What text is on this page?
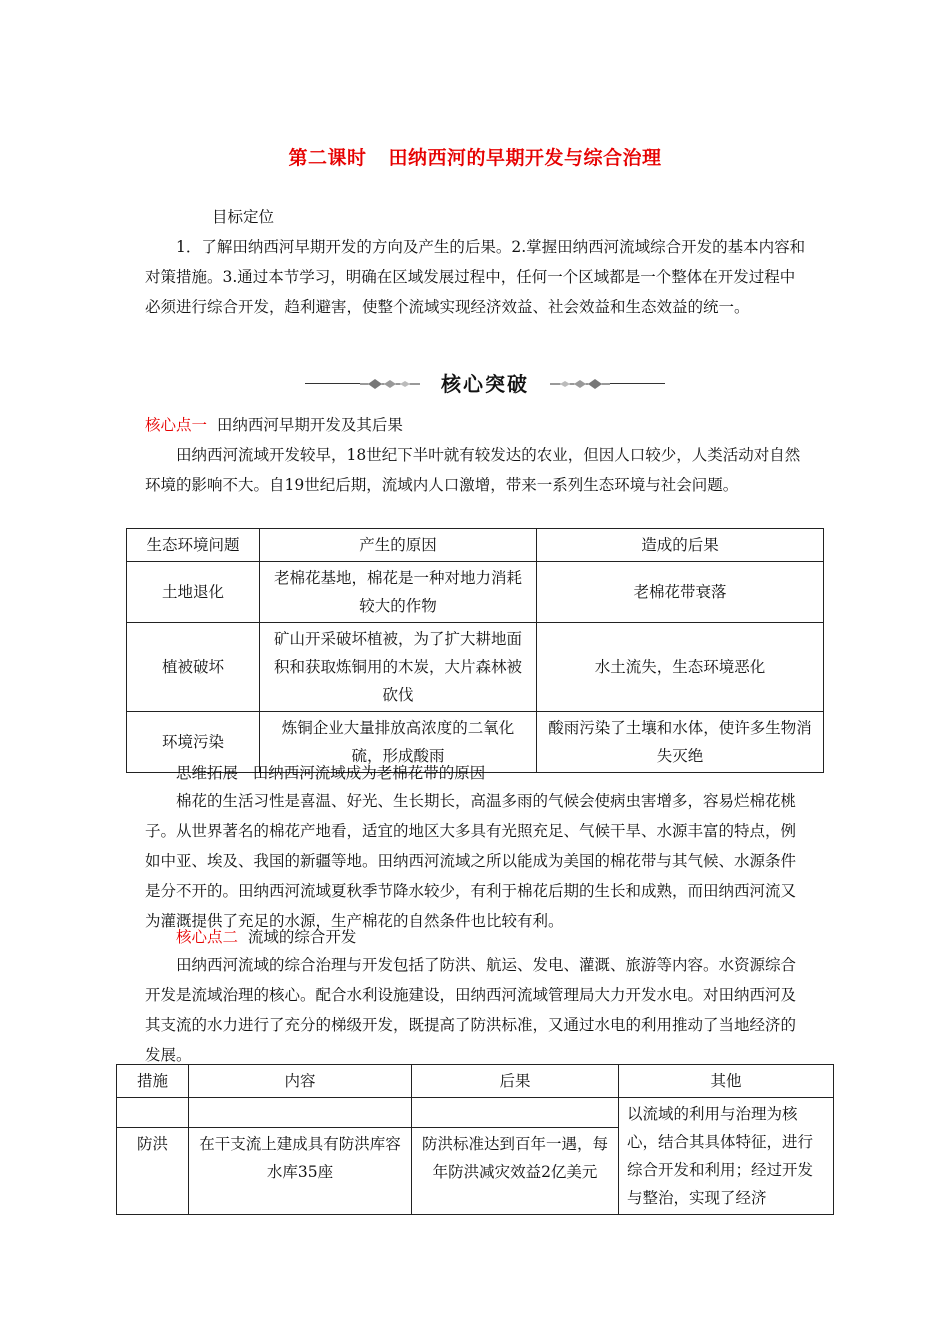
第二课时 田纳西河的早期开发与综合治理
目标定位
1．了解田纳西河早期开发的方向及产生的后果。2.掌握田纳西河流域综合开发的基本内容和对策措施。3.通过本节学习，明确在区域发展过程中，任何一个区域都是一个整体在开发过程中必须进行综合开发，趋利避害，使整个流域实现经济效益、社会效益和生态效益的统一。
核心突破
核心点一 田纳西河早期开发及其后果
田纳西河流域开发较早，18世纪下半叶就有较发达的农业，但因人口较少，人类活动对自然环境的影响不大。自19世纪后期，流域内人口激增，带来一系列生态环境与社会问题。
生态环境问题	产生的原因	造成的后果
土地退化	老棉花基地，棉花是一种对地力消耗较大的作物	老棉花带衰落
植被破坏	矿山开采破坏植被，为了扩大耕地面积和获取炼铜用的木炭，大片森林被砍伐	水土流失，生态环境恶化
环境污染	炼铜企业大量排放高浓度的二氧化硫，形成酸雨	酸雨污染了土壤和水体，使许多生物消失灭绝
思维拓展 田纳西河流域成为老棉花带的原因
棉花的生活习性是喜温、好光、生长期长，高温多雨的气候会使病虫害增多，容易烂棉花桃子。从世界著名的棉花产地看，适宜的地区大多具有光照充足、气候干旱、水源丰富的特点，例如中亚、埃及、我国的新疆等地。田纳西河流域之所以能成为美国的棉花带与其气候、水源条件是分不开的。田纳西河流域夏秋季节降水较少，有利于棉花后期的生长和成熟，而田纳西河流又为灌溉提供了充足的水源，生产棉花的自然条件也比较有利。
核心点二 流域的综合开发
田纳西河流域的综合治理与开发包括了防洪、航运、发电、灌溉、旅游等内容。水资源综合开发是流域治理的核心。配合水利设施建设，田纳西河流域管理局大力开发水电。对田纳西河及其支流的水力进行了充分的梯级开发，既提高了防洪标准，又通过水电的利用推动了当地经济的发展。
措施	内容	后果	其他
			以流域的利用与治理为核心，结合其具体特征，进行综合开发和利用；经过开发与整治，实现了经济
防洪	在干支流上建成具有防洪库容水库35座	防洪标准达到百年一遇，每年防洪减灾效益2亿美元	
